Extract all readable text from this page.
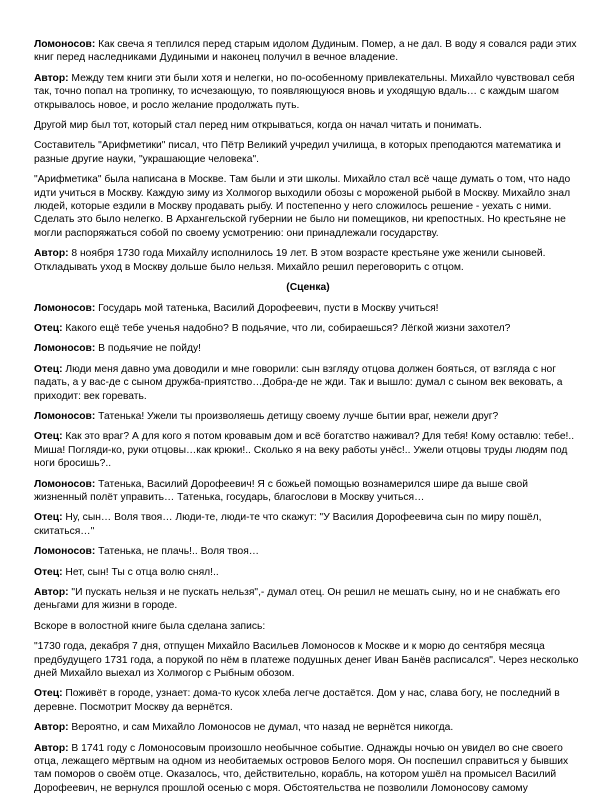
Ломоносов: Как свеча я теплился перед старым идолом Дудиным. Помер, а не дал. В воду я совался ради этих книг перед наследниками Дудиными и наконец получил в вечное владение.

Автор: Между тем книги эти были хотя и нелегки, но по-особенному привлекательны. Михайло чувствовал себя так, точно попал на тропинку, то исчезающую, то появляющуюся вновь и уходящую вдаль… с каждым шагом открывалось новое, и росло желание продолжать путь.

Другой мир был тот, который стал перед ним открываться, когда он начал читать и понимать.

Составитель "Арифметики" писал, что Пётр Великий учредил училища, в которых преподаются математика и разные другие науки, "украшающие человека".

"Арифметика" была написана в Москве. Там были и эти школы. Михайло стал всё чаще думать о том, что надо идти учиться в Москву. Каждую зиму из Холмогор выходили обозы с мороженой рыбой в Москву. Михайло знал людей, которые ездили в Москву продавать рыбу. И постепенно у него сложилось решение - уехать с ними. Сделать это было нелегко. В Архангельской губернии не было ни помещиков, ни крепостных. Но крестьяне не могли распоряжаться собой по своему усмотрению: они принадлежали государству.

Автор: 8 ноября 1730 года Михайлу исполнилось 19 лет. В этом возрасте крестьяне уже женили сыновей. Откладывать уход в Москву дольше было нельзя. Михайло решил переговорить с отцом.

(Сценка)

Ломоносов: Государь мой татенька, Василий Дорофеевич, пусти в Москву учиться!

Отец: Какого ещё тебе ученья надобно? В подьячие, что ли, собираешься? Лёгкой жизни захотел?

Ломоносов: В подьячие не пойду!

Отец: Люди меня давно ума доводили и мне говорили: сын взгляду отцова должен бояться, от взгляда с ног падать, а у вас-де с сыном дружба-приятство…Добра-де не жди. Так и вышло: думал с сыном век вековать, а приходит: век горевать.

Ломоносов: Татенька! Ужели ты произволяешь детищу своему лучше бытии враг, нежели друг?

Отец: Как это враг? А для кого я потом кровавым дом и всё богатство наживал? Для тебя! Кому оставлю: тебе!.. Миша! Погляди-ко, руки отцовы…как крюки!.. Сколько я на веку работы унёс!.. Ужели отцовы труды людям под ноги бросишь?..

Ломоносов: Татенька, Василий Дорофеевич! Я с божьей помощью вознамерился шире да выше свой жизненный полёт управить… Татенька, государь, благослови в Москву учиться…

Отец: Ну, сын… Воля твоя… Люди-те, люди-те что скажут: "У Василия Дорофеевича сын по миру пошёл, скитаться…"

Ломоносов: Татенька, не плачь!.. Воля твоя…

Отец: Нет, сын! Ты с отца волю снял!..

Автор: "И пускать нельзя и не пускать нельзя",- думал отец. Он решил не мешать сыну, но и не снабжать его деньгами для жизни в городе.

Вскоре в волостной книге была сделана запись:

"1730 года, декабря 7 дня, отпущен Михайло Васильев Ломоносов к Москве и к морю до сентября месяца предбудущего 1731 года, а порукой по нём в платеже подушных денег Иван Банёв расписался". Через несколько дней Михайло выехал из Холмогор с Рыбным обозом.

Отец: Поживёт в городе, узнает: дома-то кусок хлеба легче достаётся. Дом у нас, слава богу, не последний в деревне. Посмотрит Москву да вернётся.

Автор: Вероятно, и сам Михайло Ломоносов не думал, что назад не вернётся никогда.

Автор: В 1741 году с Ломоносовым произошло необычное событие. Однажды ночью он увидел во сне своего отца, лежащего мёртвым на одном из необитаемых островов Белого моря. Он поспешил справиться у бывших там поморов о своём отце. Оказалось, что, действительно, корабль, на котором ушёл на промысел Василий Дорофеевич, не вернулся прошлой осенью с моря. Обстоятельства не позволили Ломоносову самому
